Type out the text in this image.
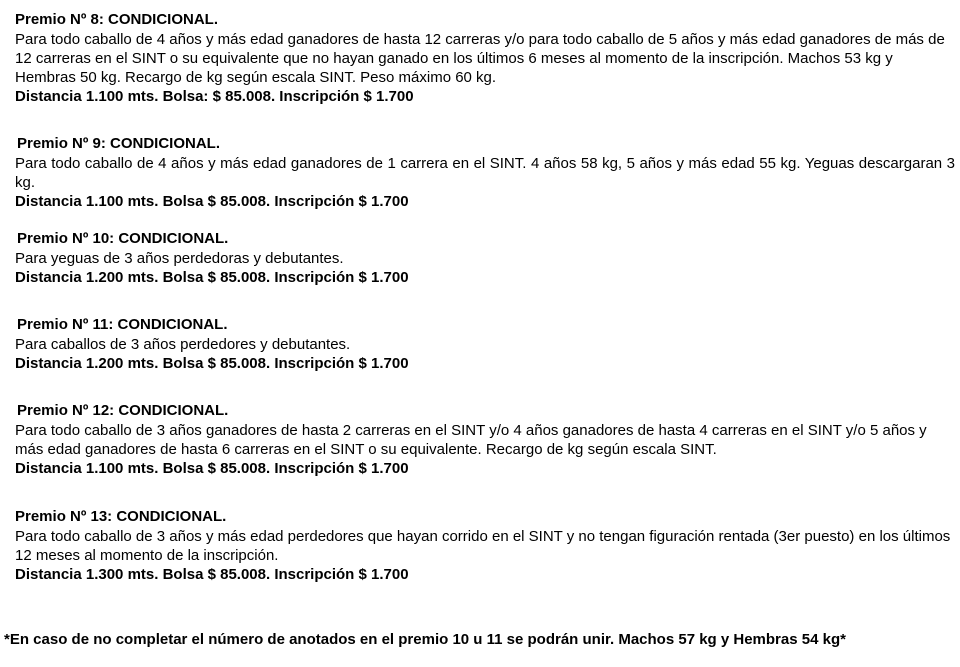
Premio Nº 8: CONDICIONAL.
Para todo caballo de 4 años y más edad ganadores de hasta 12 carreras y/o para todo caballo de 5 años y más edad ganadores de más de 12 carreras en el SINT o su equivalente que no hayan ganado en los últimos 6 meses al momento de la inscripción. Machos 53 kg y Hembras 50 kg. Recargo de kg según escala SINT. Peso máximo 60 kg.
Distancia 1.100 mts. Bolsa: $ 85.008. Inscripción $ 1.700
Premio Nº 9: CONDICIONAL.
Para todo caballo de 4 años y más edad ganadores de 1 carrera en el SINT. 4 años 58 kg, 5 años y más edad 55 kg. Yeguas descargaran 3 kg.
Distancia 1.100 mts. Bolsa $ 85.008. Inscripción $ 1.700
Premio Nº 10: CONDICIONAL.
Para yeguas de 3 años perdedoras y debutantes.
Distancia 1.200 mts. Bolsa $ 85.008. Inscripción $ 1.700
Premio Nº 11: CONDICIONAL.
Para caballos de 3 años perdedores y debutantes.
Distancia 1.200 mts. Bolsa $ 85.008. Inscripción $ 1.700
Premio Nº 12: CONDICIONAL.
Para todo caballo de 3 años ganadores de hasta 2 carreras en el SINT y/o 4 años ganadores de hasta 4 carreras en el SINT y/o 5 años y más edad ganadores de hasta 6 carreras en el SINT o su equivalente. Recargo de kg según escala SINT.
Distancia 1.100 mts. Bolsa $ 85.008. Inscripción $ 1.700
Premio Nº 13: CONDICIONAL.
Para todo caballo de 3 años y más edad perdedores que hayan corrido en el SINT y no tengan figuración rentada (3er puesto) en los últimos 12 meses al momento de la inscripción.
Distancia 1.300 mts. Bolsa $ 85.008. Inscripción $ 1.700
*En caso de no completar el número de anotados en el premio 10 u 11 se podrán unir. Machos 57 kg y Hembras 54 kg*
